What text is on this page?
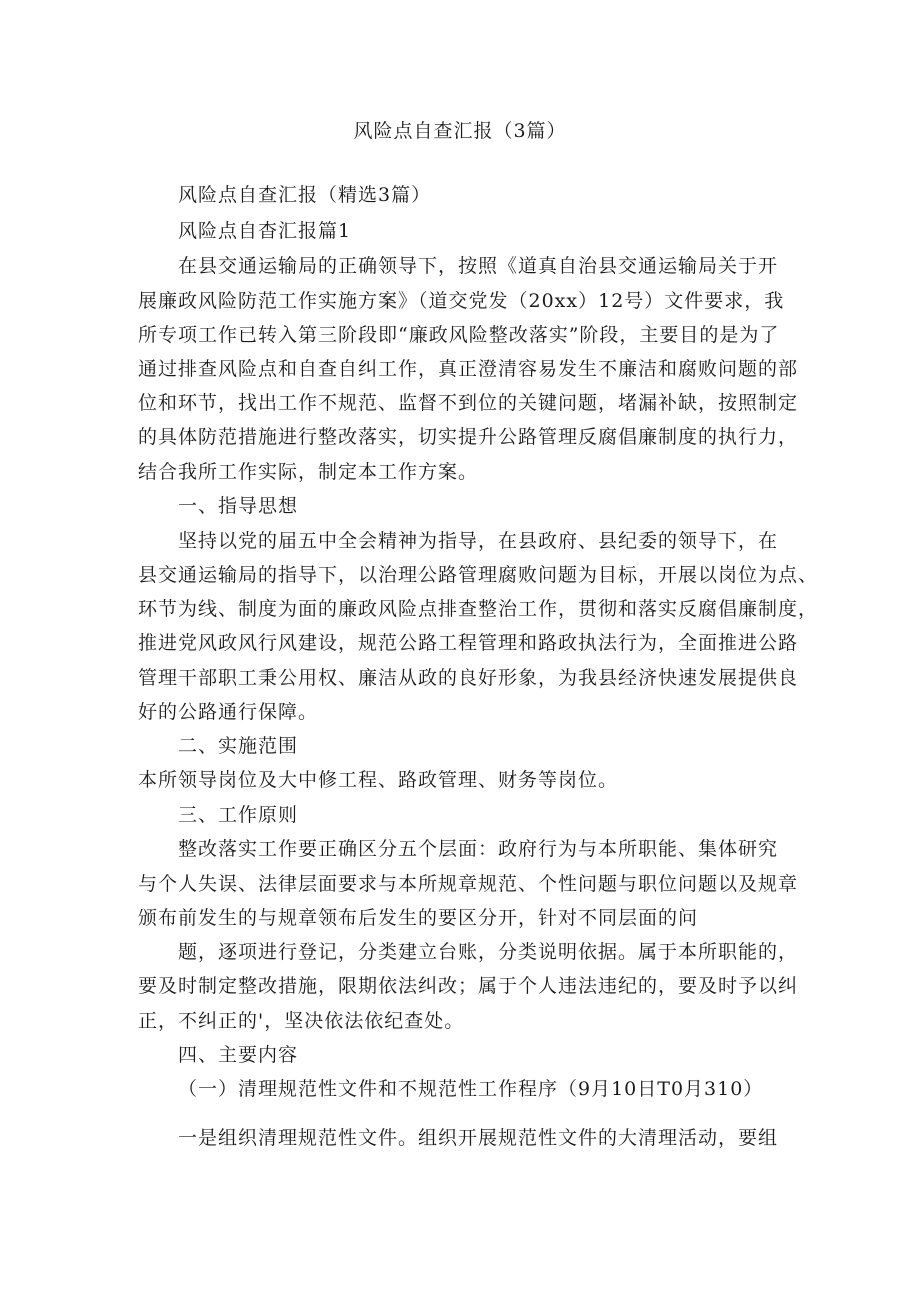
风险点自查汇报（3篇）
风险点自查汇报（精选3篇）
风险点自杳汇报篇1
在县交通运输局的正确领导下，按照《道真自治县交通运输局关于开
展廉政风险防范工作实施方案》（道交党发（20xx）12号）文件要求，我
所专项工作已转入第三阶段即“廉政风险整改落实”阶段，主要目的是为了
通过排查风险点和自查自纠工作，真正澄清容易发生不廉洁和腐败问题的部
位和环节，找出工作不规范、监督不到位的关键问题，堵漏补缺，按照制定
的具体防范措施进行整改落实，切实提升公路管理反腐倡廉制度的执行力，
结合我所工作实际，制定本工作方案。
一、指导思想
坚持以党的届五中全会精神为指导，在县政府、县纪委的领导下，在
县交通运输局的指导下，以治理公路管理腐败问题为目标，开展以岗位为点、
环节为线、制度为面的廉政风险点排查整治工作，贯彻和落实反腐倡廉制度，
推进党风政风行风建设，规范公路工程管理和路政执法行为，全面推进公路
管理干部职工秉公用权、廉洁从政的良好形象，为我县经济快速发展提供良
好的公路通行保障。
二、实施范围
本所领导岗位及大中修工程、路政管理、财务等岗位。
三、工作原则
整改落实工作要正确区分五个层面：政府行为与本所职能、集体研究
与个人失误、法律层面要求与本所规章规范、个性问题与职位问题以及规章
颁布前发生的与规章领布后发生的要区分开，针对不同层面的问
题，逐项进行登记，分类建立台账，分类说明依据。属于本所职能的，
要及时制定整改措施，限期依法纠改；属于个人违法违纪的，要及时予以纠
正，不纠正的'，坚决依法依纪查处。
四、主要内容
（一）清理规范性文件和不规范性工作程序（9月10日T0月310）
一是组织清理规范性文件。组织开展规范性文件的大清理活动，要组
